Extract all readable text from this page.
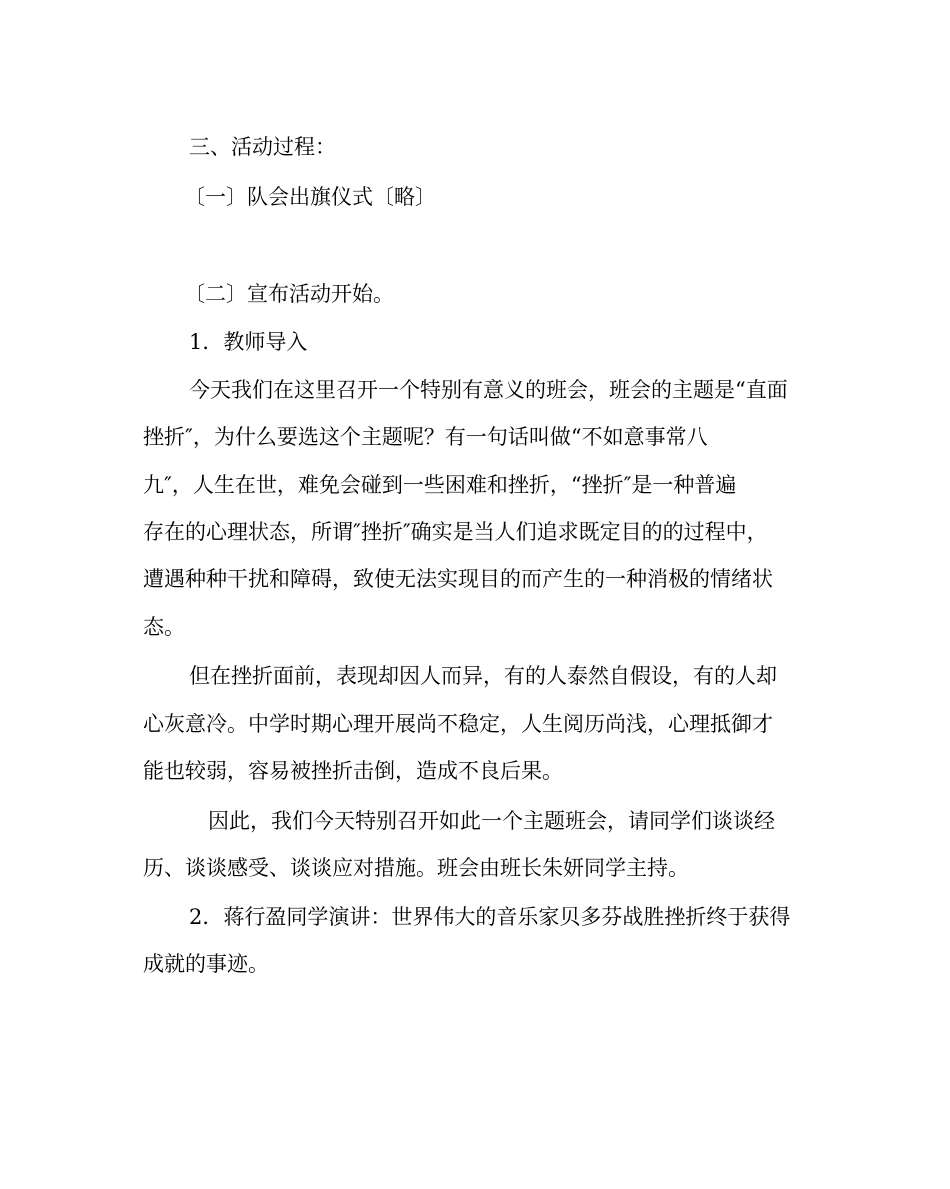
三、活动过程：
〔一〕队会出旗仪式〔略〕
〔二〕宣布活动开始。
1．教师导入
今天我们在这里召开一个特别有意义的班会，班会的主题是“直面
挫折″，为什么要选这个主题呢？有一句话叫做“不如意事常八
九″，人生在世，难免会碰到一些困难和挫折，“挫折″是一种普遍
存在的心理状态，所谓″挫折″确实是当人们追求既定目的的过程中，
遭遇种种干扰和障碍，致使无法实现目的而产生的一种消极的情绪状
态。
但在挫折面前，表现却因人而异，有的人泰然自假设，有的人却
心灰意冷。中学时期心理开展尚不稳定，人生阅历尚浅，心理抵御才
能也较弱，容易被挫折击倒，造成不良后果。
因此，我们今天特别召开如此一个主题班会，请同学们谈谈经
历、谈谈感受、谈谈应对措施。班会由班长朱妍同学主持。
2．蒋行盈同学演讲：世界伟大的音乐家贝多芬战胜挫折终于获得
成就的事迹。
